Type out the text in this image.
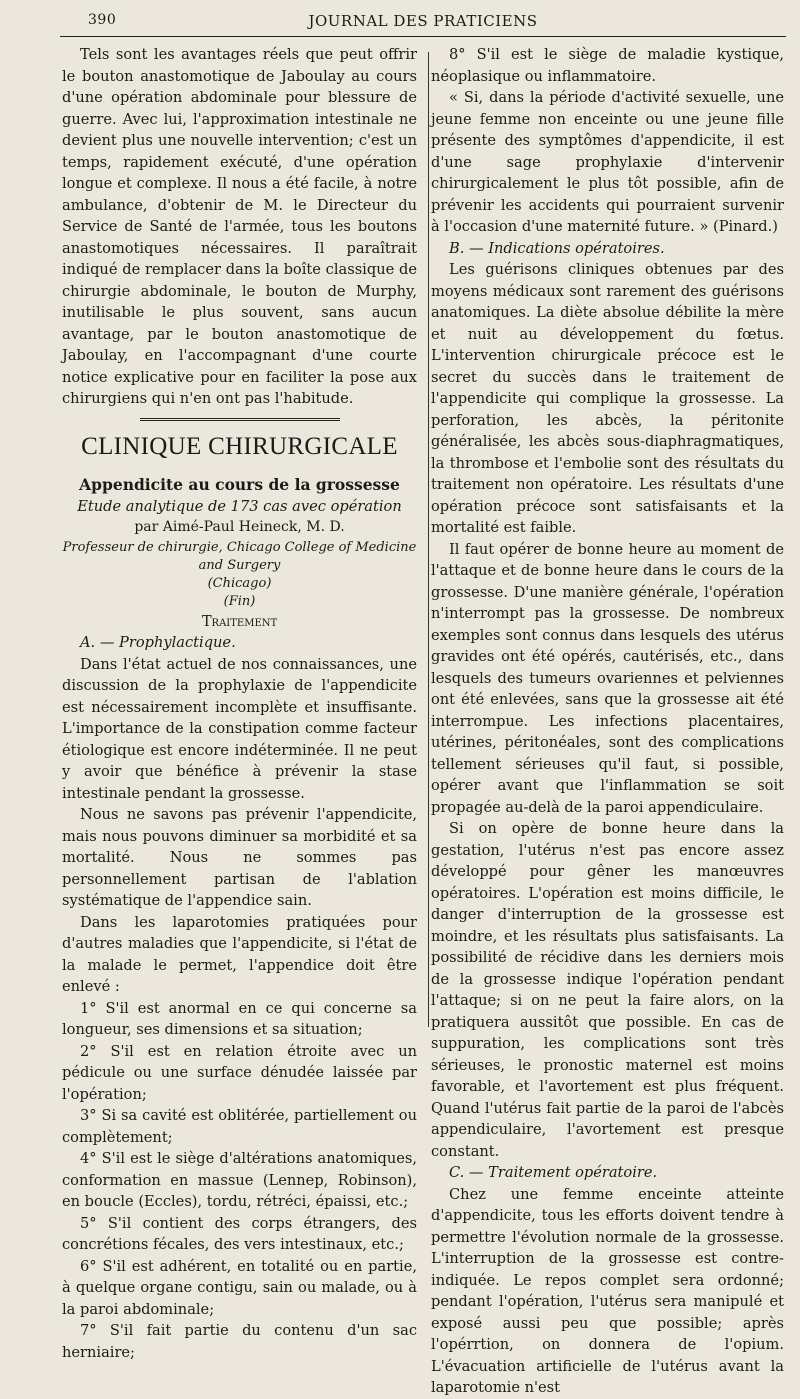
390	JOURNAL DES PRATICIENS

Tels sont les avantages réels que peut offrir le bouton anastomotique de Jaboulay au cours d'une opération abdominale pour blessure de guerre. Avec lui, l'approximation intestinale ne devient plus une nouvelle intervention; c'est un temps, rapidement exécuté, d'une opération longue et complexe. Il nous a été facile, à notre ambulance, d'obtenir de M. le Directeur du Service de Santé de l'armée, tous les boutons anastomotiques nécessaires. Il paraîtrait indiqué de remplacer dans la boîte classique de chirurgie abdominale, le bouton de Murphy, inutilisable le plus souvent, sans aucun avantage, par le bouton anastomotique de Jaboulay, en l'accompagnant d'une courte notice explicative pour en faciliter la pose aux chirurgiens qui n'en ont pas l'habitude.

CLINIQUE CHIRURGICALE
Appendicite au cours de la grossesse
Etude analytique de 173 cas avec opération
par Aimé-Paul Heineck, M. D.
Professeur de chirurgie, Chicago College of Medicine and Surgery
(Chicago)
(Fin)
Traitement

A. — Prophylactique.

Dans l'état actuel de nos connaissances, une discussion de la prophylaxie de l'appendicite est nécessairement incomplète et insuffisante. L'importance de la constipation comme facteur étiologique est encore indéterminée. Il ne peut y avoir que bénéfice à prévenir la stase intestinale pendant la grossesse.

Nous ne savons pas prévenir l'appendicite, mais nous pouvons diminuer sa morbidité et sa mortalité. Nous ne sommes pas personnellement partisan de l'ablation systématique de l'appendice sain.

Dans les laparotomies pratiquées pour d'autres maladies que l'appendicite, si l'état de la malade le permet, l'appendice doit être enlevé :

1° S'il est anormal en ce qui concerne sa longueur, ses dimensions et sa situation;

2° S'il est en relation étroite avec un pédicule ou une surface dénudée laissée par l'opération;

3° Si sa cavité est oblitérée, partiellement ou complètement;

4° S'il est le siège d'altérations anatomiques, conformation en massue (Lennep, Robinson), en boucle (Eccles), tordu, rétréci, épaissi, etc.;

5° S'il contient des corps étrangers, des concrétions fécales, des vers intestinaux, etc.;

6° S'il est adhérent, en totalité ou en partie, à quelque organe contigu, sain ou malade, ou à la paroi abdominale;

7° S'il fait partie du contenu d'un sac herniaire;

8° S'il est le siège de maladie kystique, néoplasique ou inflammatoire.

« Si, dans la période d'activité sexuelle, une jeune femme non enceinte ou une jeune fille présente des symptômes d'appendicite, il est d'une sage prophylaxie d'intervenir chirurgicalement le plus tôt possible, afin de prévenir les accidents qui pourraient survenir à l'occasion d'une maternité future. » (Pinard.)

B. — Indications opératoires.

Les guérisons cliniques obtenues par des moyens médicaux sont rarement des guérisons anatomiques. La diète absolue débilite la mère et nuit au développement du fœtus. L'intervention chirurgicale précoce est le secret du succès dans le traitement de l'appendicite qui complique la grossesse. La perforation, les abcès, la péritonite généralisée, les abcès sous-diaphragmatiques, la thrombose et l'embolie sont des résultats du traitement non opératoire. Les résultats d'une opération précoce sont satisfaisants et la mortalité est faible.

Il faut opérer de bonne heure au moment de l'attaque et de bonne heure dans le cours de la grossesse. D'une manière générale, l'opération n'interrompt pas la grossesse. De nombreux exemples sont connus dans lesquels des utérus gravides ont été opérés, cautérisés, etc., dans lesquels des tumeurs ovariennes et pelviennes ont été enlevées, sans que la grossesse ait été interrompue. Les infections placentaires, utérines, péritonéales, sont des complications tellement sérieuses qu'il faut, si possible, opérer avant que l'inflammation se soit propagée au-delà de la paroi appendiculaire.

Si on opère de bonne heure dans la gestation, l'utérus n'est pas encore assez développé pour gêner les manœuvres opératoires. L'opération est moins difficile, le danger d'interruption de la grossesse est moindre, et les résultats plus satisfaisants. La possibilité de récidive dans les derniers mois de la grossesse indique l'opération pendant l'attaque; si on ne peut la faire alors, on la pratiquera aussitôt que possible. En cas de suppuration, les complications sont très sérieuses, le pronostic maternel est moins favorable, et l'avortement est plus fréquent. Quand l'utérus fait partie de la paroi de l'abcès appendiculaire, l'avortement est presque constant.

C. — Traitement opératoire.

Chez une femme enceinte atteinte d'appendicite, tous les efforts doivent tendre à permettre l'évolution normale de la grossesse. L'interruption de la grossesse est contre-indiquée. Le repos complet sera ordonné; pendant l'opération, l'utérus sera manipulé et exposé aussi peu que possible; après l'opérrtion, on donnera de l'opium. L'évacuation artificielle de l'utérus avant la laparotomie n'est
